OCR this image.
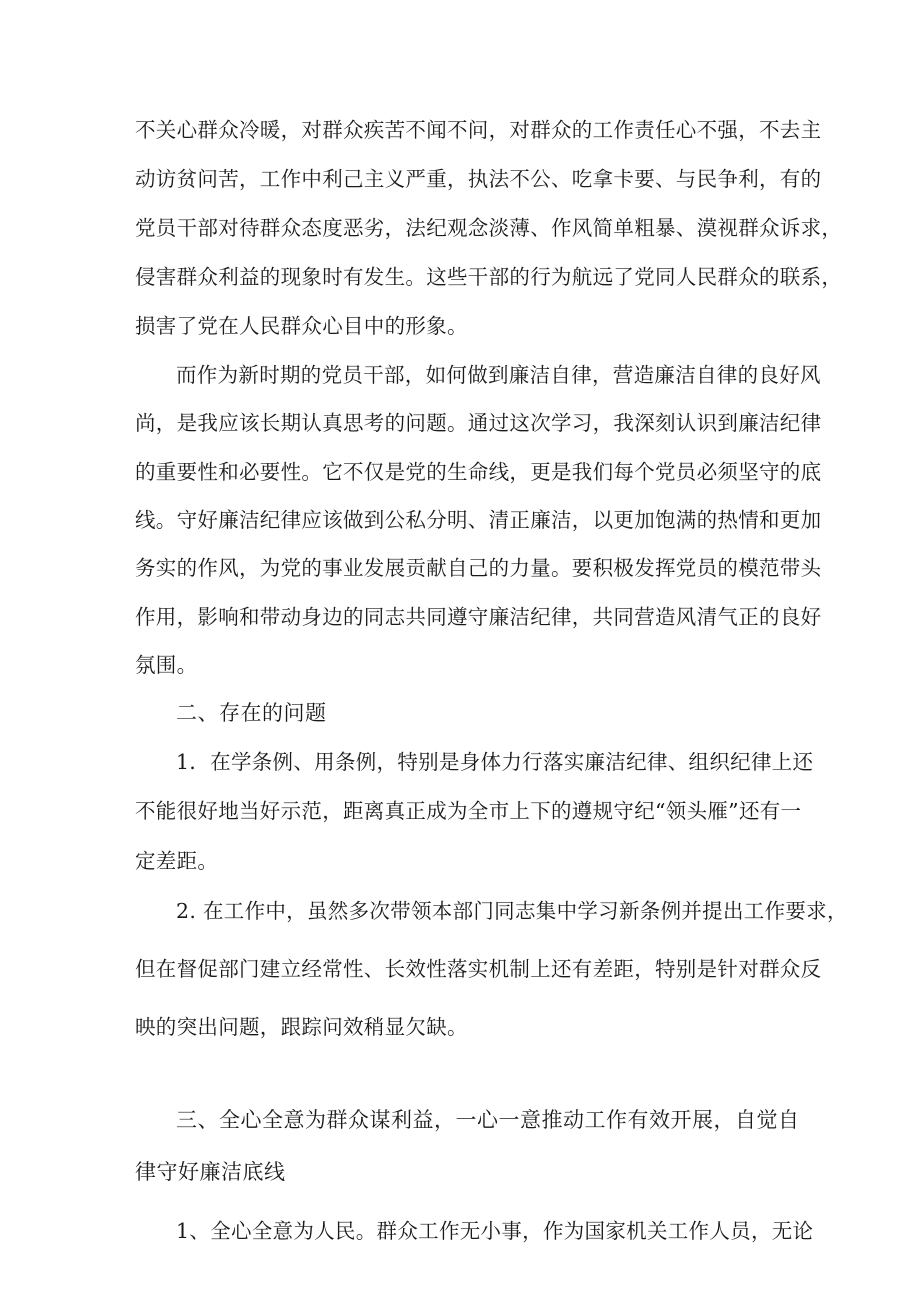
不关心群众冷暖，对群众疾苦不闻不问，对群众的工作责任心不强，不去主
动访贫问苦，工作中利己主义严重，执法不公、吃拿卡要、与民争利，有的
党员干部对待群众态度恶劣，法纪观念淡薄、作风简单粗暴、漠视群众诉求，
侵害群众利益的现象时有发生。这些干部的行为航远了党同人民群众的联系，
损害了党在人民群众心目中的形象。
而作为新时期的党员干部，如何做到廉洁自律，营造廉洁自律的良好风
尚，是我应该长期认真思考的问题。通过这次学习，我深刻认识到廉洁纪律
的重要性和必要性。它不仅是党的生命线，更是我们每个党员必须坚守的底
线。守好廉洁纪律应该做到公私分明、清正廉洁，以更加饱满的热情和更加
务实的作风，为党的事业发展贡献自己的力量。要积极发挥党员的模范带头
作用，影响和带动身边的同志共同遵守廉洁纪律，共同营造风清气正的良好
氛围。
二、存在的问题
1．在学条例、用条例，特别是身体力行落实廉洁纪律、组织纪律上还
不能很好地当好示范，距离真正成为全市上下的遵规守纪“领头雁”还有一
定差距。
2. 在工作中，虽然多次带领本部门同志集中学习新条例并提出工作要求，
但在督促部门建立经常性、长效性落实机制上还有差距，特别是针对群众反
映的突出问题，跟踪问效稍显欠缺。
三、全心全意为群众谋利益，一心一意推动工作有效开展，自觉自
律守好廉洁底线
1、全心全意为人民。群众工作无小事，作为国家机关工作人员，无论
